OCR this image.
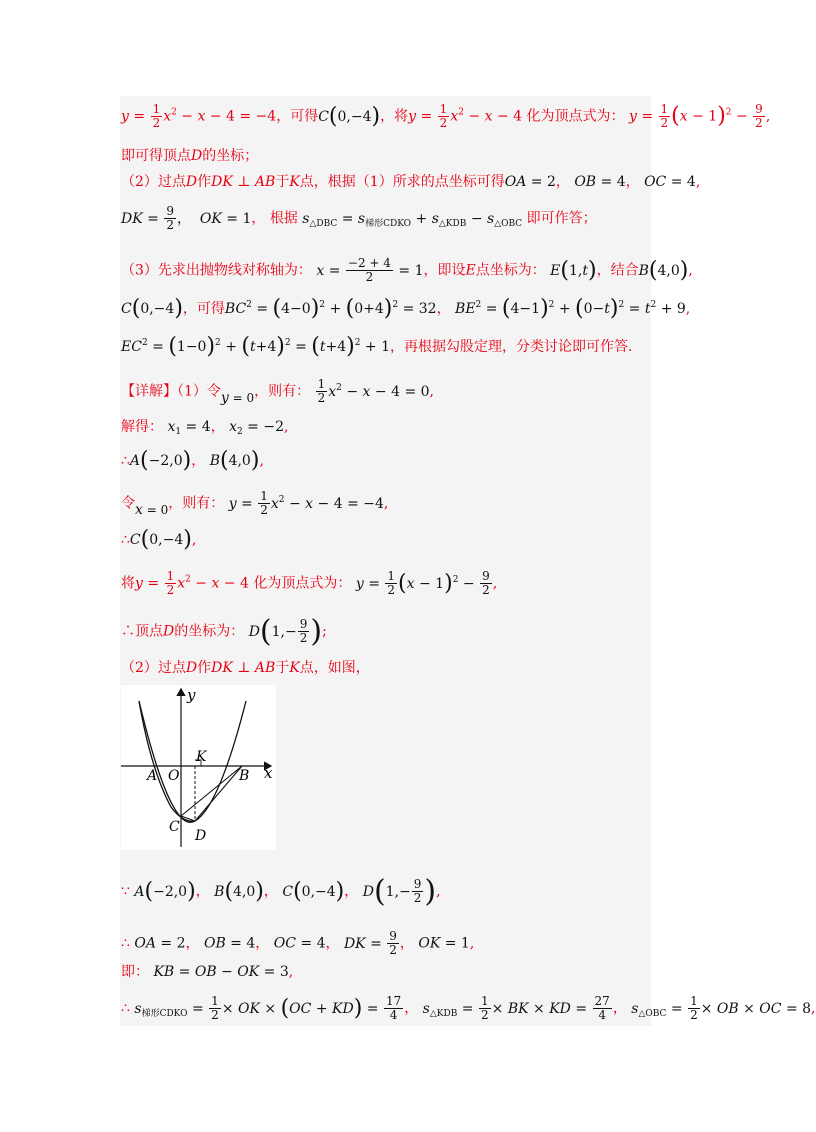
$y = \frac{1}{2} x^2 - x - 4 = -4$，可得C(0,−4)，将$y = \frac{1}{2} x^2 - x - 4$ 化为顶点式为： $y = \frac{1}{2} (x - 1)^2 - \frac{9}{2}$ ,
即可得顶点D的坐标；
（2）过点D作DK ⊥ AB于K点，根据（1）所求的点坐标可得OA = 2， OB = 4， OC = 4,
DK = $\frac{9}{2}$ ，  OK = 1， 根据 $s_{\triangle DBC} = s_{梯形CDKO} + s_{\triangle KDB} - s_{\triangle OBC}$ 即可作答；
（3）先求出抛物线对称轴为： $x = \frac{-2 + 4}{2} = 1$，即设E点坐标为： E(1,t)，结合B(4,0),
C(0,−4)，可得$BC^2 = (4-0)^2 + (0+4)^2 = 32$， $BE^2 = (4-1)^2 + (0-t)^2 = t^2 + 9$,
$EC^2 = (1-0)^2 + (t+4)^2 = (t+4)^2 + 1$，再根据勾股定理，分类讨论即可作答.
【详解】（1）令y = 0，则有： $\frac{1}{2} x^2 - x - 4 = 0$,
解得： $x_1 = 4$， $x_2 = -2$,
∴A(−2,0)， B(4,0),
令x = 0，则有： $y = \frac{1}{2} x^2 - x - 4 = -4$,
∴C(0,−4),
将$y = \frac{1}{2} x^2 - x - 4$ 化为顶点式为： $y = \frac{1}{2} (x - 1)^2 - \frac{9}{2}$ ,
∴顶点D的坐标为： $D(1,- \frac{9}{2}$ );
（2）过点D作DK ⊥ AB于K点，如图，
y
x
O
A	B
C
D
K
∵ A(−2,0)， B(4,0)， C(0,−4)， $D(1,- \frac{9}{2}$ ),
∴ OA = 2， OB = 4， OC = 4， DK = $\frac{9}{2}$ ， OK = 1,
即： KB = OB − OK = 3,
∴ $s_{梯形CDKO} = \frac{1}{2}$ × OK × $(OC + KD) = \frac{17}{4}$ ， $s_{\triangle KDB} = \frac{1}{2}$ × BK × KD = $\frac{27}{4}$ ， $s_{\triangle OBC} = \frac{1}{2}$ × OB × OC = 8,
